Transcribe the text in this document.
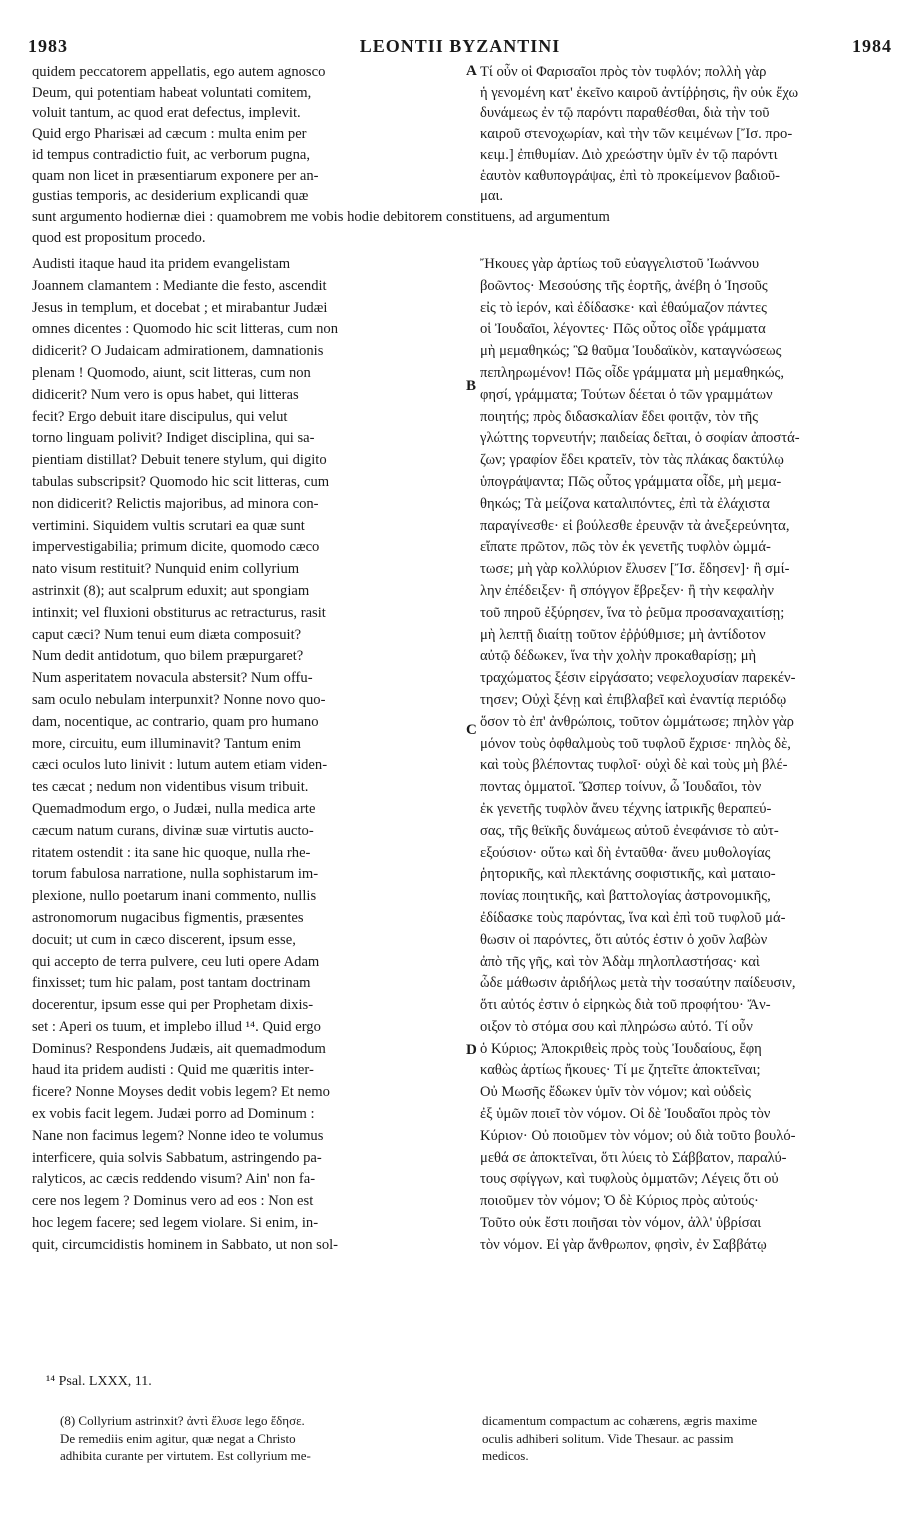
1983	LEONTII BYZANTINI	1984
quidem peccatorem appellatis, ego autem agnosco
Deum, qui potentiam habeat voluntati comitem,
voluit tantum, ac quod erat defectus, implevit.
Quid ergo Pharisæi ad cæcum : multa enim per
id tempus contradictio fuit, ac verborum pugna,
quam non licet in præsentiarum exponere per an-
gustias temporis, ac desiderium explicandi quæ
Τί οὖν οἱ Φαρισαῖοι πρὸς τὸν τυφλόν; πολλὴ γὰρ
ἡ γενομένη κατ' ἐκεῖνο καιροῦ ἀντίῤῥησις, ἣν οὐκ ἔχω
δυνάμεως ἐν τῷ παρόντι παραθέσθαι, διὰ τὴν τοῦ
καιροῦ στενοχωρίαν, καὶ τὴν τῶν κειμένων [Ἴσ. προ-
κειμ.] ἐπιθυμίαν. Διὸ χρεώστην ὑμῖν ἐν τῷ παρόντι
ἑαυτὸν καθυπογράψας, ἐπὶ τὸ προκείμενον βαδιοῦ-
μαι.
sunt argumento hodiernæ diei : quamobrem me vobis hodie debitorem constituens, ad argumentum
quod est propositum procedo.
Audisti itaque haud ita pridem evangelistam
Joannem clamantem : Mediante die festo, ascendit
Jesus in templum, et docebat ; et mirabantur Judæi
omnes dicentes : Quomodo hic scit litteras, cum non
didicerit? O Judaicam admirationem, damnationis
plenam ! Quomodo, aiunt, scit litteras, cum non
didicerit? Num vero is opus habet, qui litteras
fecit? Ergo debuit itare discipulus, qui velut
torno linguam polivit? Indiget disciplina, qui sa-
pientiam distillat? Debuit tenere stylum, qui digito
tabulas subscripsit? Quomodo hic scit litteras, cum
non didicerit? Relictis majoribus, ad minora con-
vertimini. Siquidem vultis scrutari ea quæ sunt
impervestigabilia; primum dicite, quomodo cæco
nato visum restituit? Nunquid enim collyrium
astrinxit (8); aut scalprum eduxit; aut spongiam
intinxit; vel fluxioni obstiturus ac retracturus, rasit
caput cæci? Num tenui eum diæta composuit?
Num dedit antidotum, quo bilem præpurgaret?
Num asperitatem novacula abstersit? Num offu-
sam oculo nebulam interpunxit? Nonne novo quo-
dam, nocentique, ac contrario, quam pro humano
more, circuitu, eum illuminavit? Tantum enim
cæci oculos luto linivit : lutum autem etiam viden-
tes cæcat ; nedum non videntibus visum tribuit.
Quemadmodum ergo, o Judæi, nulla medica arte
cæcum natum curans, divinæ suæ virtutis aucto-
ritatem ostendit : ita sane hic quoque, nulla rhe-
torum fabulosa narratione, nulla sophistarum im-
plexione, nullo poetarum inani commento, nullis
astronomorum nugacibus figmentis, præsentes
docuit; ut cum in cæco discerent, ipsum esse,
qui accepto de terra pulvere, ceu luti opere Adam
finxisset; tum hic palam, post tantam doctrinam
docerentur, ipsum esse qui per Prophetam dixis-
set : Aperi os tuum, et implebo illud ¹⁴. Quid ergo
Dominus? Respondens Judæis, ait quemadmodum
haud ita pridem audisti : Quid me quæritis inter-
ficere? Nonne Moyses dedit vobis legem? Et nemo
ex vobis facit legem. Judæi porro ad Dominum :
Nane non facimus legem? Nonne ideo te volumus
interficere, quia solvis Sabbatum, astringendo pa-
ralyticos, ac cæcis reddendo visum? Ain' non fa-
cere nos legem ? Dominus vero ad eos : Non est
hoc legem facere; sed legem violare. Si enim, in-
quit, circumcidistis hominem in Sabbato, ut non sol-
Ἤκουες γὰρ ἀρτίως τοῦ εὐαγγελιστοῦ Ἰωάννου
βοῶντος· Μεσούσης τῆς ἑορτῆς, ἀνέβη ὁ Ἰησοῦς
εἰς τὸ ἱερόν, καὶ ἐδίδασκε· καὶ ἐθαύμαζον πάντες
οἱ Ἰουδαῖοι, λέγοντες· Πῶς οὗτος οἶδε γράμματα
μὴ μεμαθηκώς; Ὢ θαῦμα Ἰουδαϊκὸν, καταγνώσεως
πεπληρωμένον! Πῶς οἶδε γράμματα μὴ μεμαθηκώς,
φησί, γράμματα; Τούτων δέεται ὁ τῶν γραμμάτων
ποιητής; πρὸς διδασκαλίαν ἔδει φοιτᾷν, τὸν τῆς
γλώττης τορνευτήν; παιδείας δεῖται, ὁ σοφίαν ἀποστά-
ζων; γραφίον ἔδει κρατεῖν, τὸν τὰς πλάκας δακτύλῳ
ὑπογράψαντα; Πῶς οὗτος γράμματα οἶδε, μὴ μεμα-
θηκώς; Τὰ μείζονα καταλιπόντες, ἐπὶ τὰ ἐλάχιστα
παραγίνεσθε· εἰ βούλεσθε ἐρευνᾷν τὰ ἀνεξερεύνητα,
εἴπατε πρῶτον, πῶς τὸν ἐκ γενετῆς τυφλὸν ὠμμά-
τωσε; μὴ γὰρ κολλύριον ἔλυσεν [Ἴσ. ἔδησεν]· ἢ σμί-
λην ἐπέδειξεν· ἢ σπόγγον ἔβρεξεν· ἢ τὴν κεφαλὴν
τοῦ πηροῦ ἐξύρησεν, ἵνα τὸ ῥεῦμα προσαναχαιτίσῃ;
μὴ λεπτῇ διαίτῃ τοῦτον ἐῤῥύθμισε; μὴ ἀντίδοτον
αὐτῷ δέδωκεν, ἵνα τὴν χολὴν προκαθαρίσῃ; μὴ
τραχώματος ξέσιν εἰργάσατο; νεφελοχυσίαν παρεκέν-
τησεν; Οὐχὶ ξένῃ καὶ ἐπιβλαβεῖ καὶ ἐναντίᾳ περιόδῳ
ὅσον τὸ ἐπ' ἀνθρώποις, τοῦτον ὠμμάτωσε; πηλὸν γὰρ
μόνον τοὺς ὀφθαλμοὺς τοῦ τυφλοῦ ἔχρισε· πηλὸς δὲ,
καὶ τοὺς βλέποντας τυφλοῖ· οὐχὶ δὲ καὶ τοὺς μὴ βλέ-
ποντας ὀμματοῖ. Ὥσπερ τοίνυν, ὦ Ἰουδαῖοι, τὸν
ἐκ γενετῆς τυφλὸν ἄνευ τέχνης ἰατρικῆς θεραπεύ-
σας, τῆς θεϊκῆς δυνάμεως αὐτοῦ ἐνεφάνισε τὸ αὐτ-
εξούσιον· οὕτω καὶ δὴ ἐνταῦθα· ἄνευ μυθολογίας
ῥητορικῆς, καὶ πλεκτάνης σοφιστικῆς, καὶ ματαιο-
πονίας ποιητικῆς, καὶ βαττολογίας ἀστρονομικῆς,
ἐδίδασκε τοὺς παρόντας, ἵνα καὶ ἐπὶ τοῦ τυφλοῦ μά-
θωσιν οἱ παρόντες, ὅτι αὐτός ἐστιν ὁ χοῦν λαβὼν
ἀπὸ τῆς γῆς, καὶ τὸν Ἀδὰμ πηλοπλαστήσας· καὶ
ὧδε μάθωσιν ἀριδήλως μετὰ τὴν τοσαύτην παίδευσιν,
ὅτι αὐτός ἐστιν ὁ εἰρηκὼς διὰ τοῦ προφήτου· Ἄν-
οιξον τὸ στόμα σου καὶ πληρώσω αὐτό. Τί οὖν
ὁ Κύριος; Ἀποκριθεὶς πρὸς τοὺς Ἰουδαίους, ἔφη
καθὼς ἀρτίως ἤκουες· Τί με ζητεῖτε ἀποκτεῖναι;
Οὐ Μωσῆς ἔδωκεν ὑμῖν τὸν νόμον; καὶ οὐδεὶς
ἐξ ὑμῶν ποιεῖ τὸν νόμον. Οἱ δὲ Ἰουδαῖοι πρὸς τὸν
Κύριον· Οὐ ποιοῦμεν τὸν νόμον; οὐ διὰ τοῦτο βουλό-
μεθά σε ἀποκτεῖναι, ὅτι λύεις τὸ Σάββατον, παραλύ-
τους σφίγγων, καὶ τυφλοὺς ὀμματῶν; Λέγεις ὅτι οὐ
ποιοῦμεν τὸν νόμον; Ὁ δὲ Κύριος πρὸς αὐτούς·
Τοῦτο οὐκ ἔστι ποιῆσαι τὸν νόμον, ἀλλ' ὑβρίσαι
τὸν νόμον. Εἰ γὰρ ἄνθρωπον, φησὶν, ἐν Σαββάτῳ
A
B
C
D
¹⁴ Psal. LXXX, 11.
(8) Collyrium astrinxit? ἀντὶ ἔλυσε lego ἔδησε.
De remediis enim agitur, quæ negat a Christo
adhibita curante per virtutem. Est collyrium me-
dicamentum compactum ac cohærens, ægris maxime
oculis adhiberi solitum. Vide Thesaur. ac passim
medicos.
